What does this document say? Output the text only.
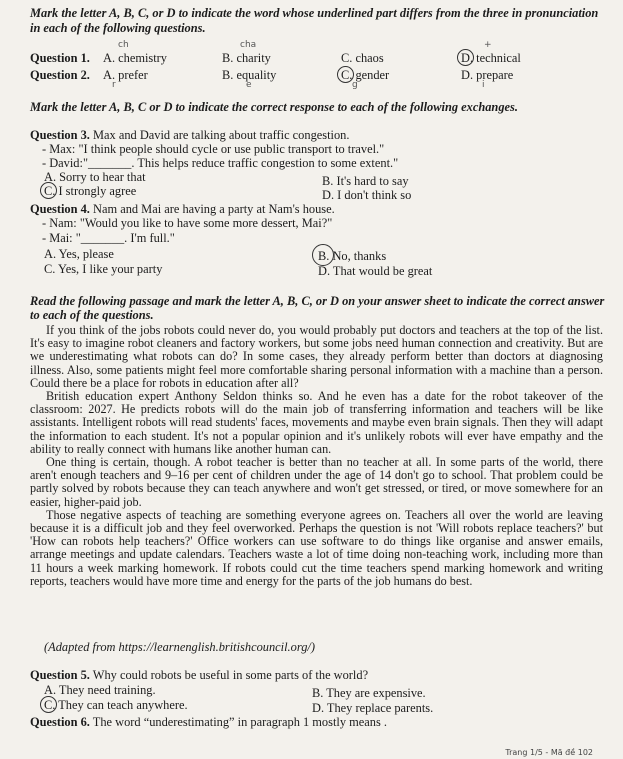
Mark the letter A, B, C, or D to indicate the word whose underlined part differs from the three in pronunciation in each of the following questions.
Question 1. A. chemistry	B. charity	C. chaos	D. technical
ch	cha	+
Question 2. A. prefer	B. equality	C. gender	D. prepare
r	e	g	i
Mark the letter A, B, C or D to indicate the correct response to each of the following exchanges.
Question 3. Max and David are talking about traffic congestion.
- Max: "I think people should cycle or use public transport to travel."
- David:"_______. This helps reduce traffic congestion to some extent."
A. Sorry to hear that	B. It's hard to say
C. I strongly agree	D. I don't think so
Question 4. Nam and Mai are having a party at Nam's house.
- Nam: "Would you like to have some more dessert, Mai?"
- Mai: "_______. I'm full."
A. Yes, please	B. No, thanks
C. Yes, I like your party	D. That would be great
Read the following passage and mark the letter A, B, C, or D on your answer sheet to indicate the correct answer to each of the questions.

If you think of the jobs robots could never do, you would probably put doctors and teachers at the top of the list. It's easy to imagine robot cleaners and factory workers, but some jobs need human connection and creativity. But are we underestimating what robots can do? In some cases, they already perform better than doctors at diagnosing illness. Also, some patients might feel more comfortable sharing personal information with a machine than a person. Could there be a place for robots in education after all?

British education expert Anthony Seldon thinks so. And he even has a date for the robot takeover of the classroom: 2027. He predicts robots will do the main job of transferring information and teachers will be like assistants. Intelligent robots will read students' faces, movements and maybe even brain signals. Then they will adapt the information to each student. It's not a popular opinion and it's unlikely robots will ever have empathy and the ability to really connect with humans like another human can.

One thing is certain, though. A robot teacher is better than no teacher at all. In some parts of the world, there aren't enough teachers and 9–16 per cent of children under the age of 14 don't go to school. That problem could be partly solved by robots because they can teach anywhere and won't get stressed, or tired, or move somewhere for an easier, higher-paid job.

Those negative aspects of teaching are something everyone agrees on. Teachers all over the world are leaving because it is a difficult job and they feel overworked. Perhaps the question is not 'Will robots replace teachers?' but 'How can robots help teachers?' Office workers can use software to do things like organise and answer emails, arrange meetings and update calendars. Teachers waste a lot of time doing non-teaching work, including more than 11 hours a week marking homework. If robots could cut the time teachers spend marking homework and writing reports, teachers would have more time and energy for the parts of the job humans do best.

(Adapted from https://learnenglish.britishcouncil.org/)
Question 5. Why could robots be useful in some parts of the world?
A. They need training.	B. They are expensive.
C. They can teach anywhere.	D. They replace parents.
Question 6. The word “underestimating” in paragraph 1 mostly means .
Trang 1/5 - Mã đề 102
